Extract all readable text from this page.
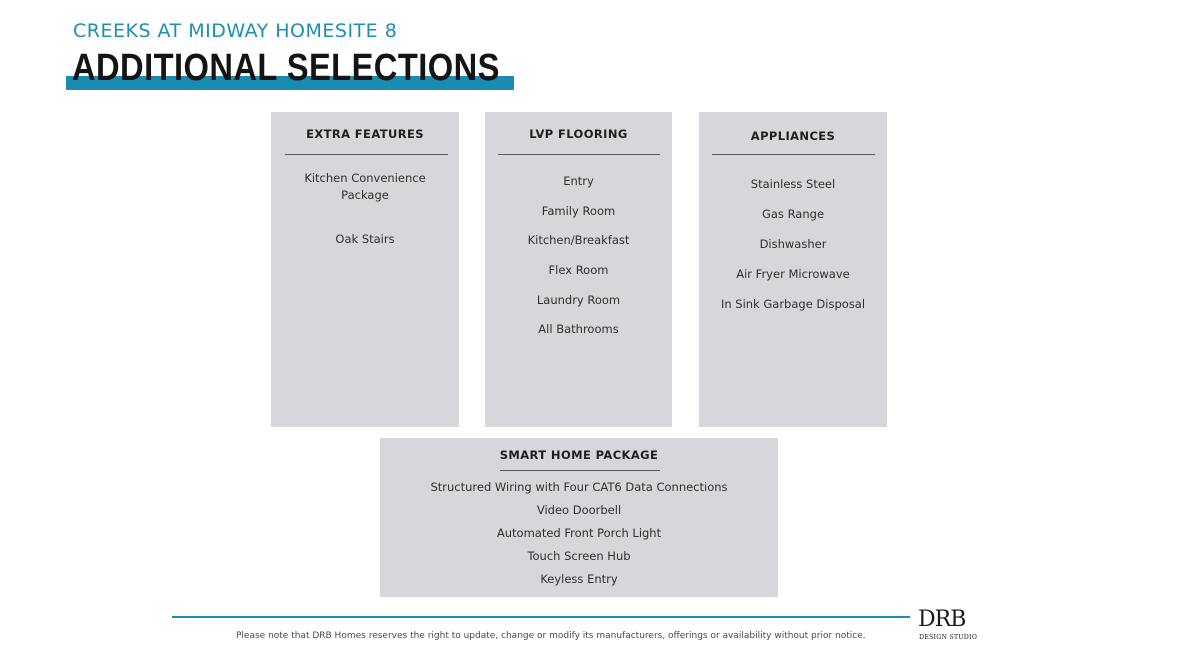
CREEKS AT MIDWAY HOMESITE 8
ADDITIONAL SELECTIONS
EXTRA FEATURES
Kitchen Convenience
Package
Oak Stairs
LVP FLOORING
Entry
Family Room
Kitchen/Breakfast
Flex Room
Laundry Room
All Bathrooms
APPLIANCES
Stainless Steel
Gas Range
Dishwasher
Air Fryer Microwave
In Sink Garbage Disposal
SMART HOME PACKAGE
Structured Wiring with Four CAT6 Data Connections
Video Doorbell
Automated Front Porch Light
Touch Screen Hub
Keyless Entry
Please note that DRB Homes reserves the right to update, change or modify its manufacturers, offerings or availability without prior notice.
DRB
DESIGN STUDIO
